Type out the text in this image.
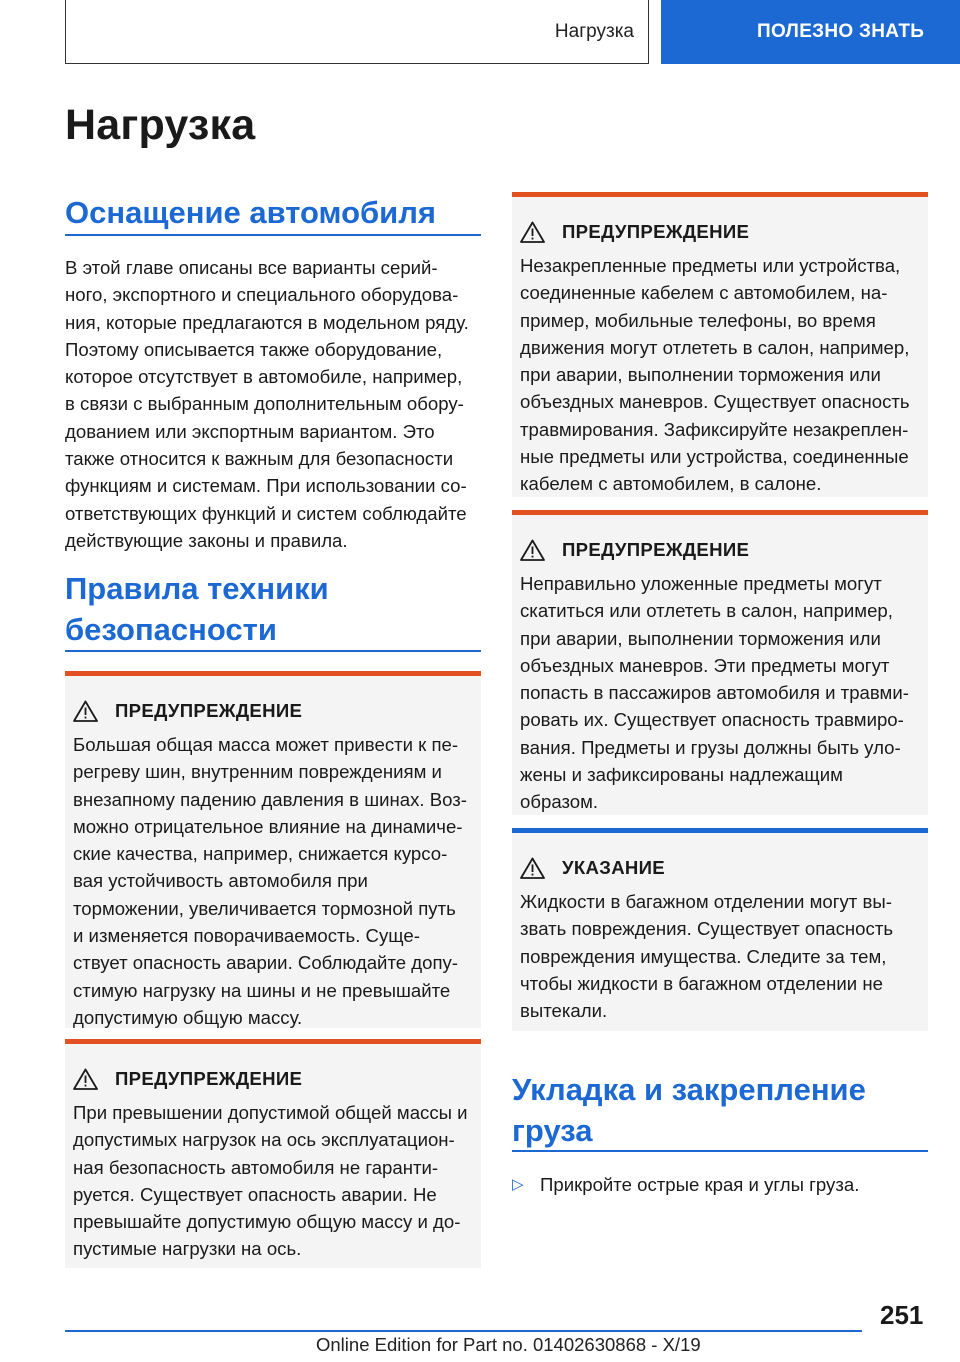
Нагрузка	ПОЛЕЗНО ЗНАТЬ
Нагрузка
Оснащение автомобиля
В этой главе описаны все варианты серий-
ного, экспортного и специального оборудова-
ния, которые предлагаются в модельном ряду.
Поэтому описывается также оборудование,
которое отсутствует в автомобиле, например,
в связи с выбранным дополнительным обору-
дованием или экспортным вариантом. Это
также относится к важным для безопасности
функциям и системам. При использовании со-
ответствующих функций и систем соблюдайте
действующие законы и правила.
Правила техники
безопасности
ПРЕДУПРЕЖДЕНИЕ
Большая общая масса может привести к пе-
регреву шин, внутренним повреждениям и
внезапному падению давления в шинах. Воз-
можно отрицательное влияние на динамиче-
ские качества, например, снижается курсо-
вая устойчивость автомобиля при
торможении, увеличивается тормозной путь
и изменяется поворачиваемость. Суще-
ствует опасность аварии. Соблюдайте допу-
стимую нагрузку на шины и не превышайте
допустимую общую массу.
ПРЕДУПРЕЖДЕНИЕ
При превышении допустимой общей массы и
допустимых нагрузок на ось эксплуатацион-
ная безопасность автомобиля не гаранти-
руется. Существует опасность аварии. Не
превышайте допустимую общую массу и до-
пустимые нагрузки на ось.
ПРЕДУПРЕЖДЕНИЕ
Незакрепленные предметы или устройства,
соединенные кабелем с автомобилем, на-
пример, мобильные телефоны, во время
движения могут отлететь в салон, например,
при аварии, выполнении торможения или
объездных маневров. Существует опасность
травмирования. Зафиксируйте незакреплен-
ные предметы или устройства, соединенные
кабелем с автомобилем, в салоне.
ПРЕДУПРЕЖДЕНИЕ
Неправильно уложенные предметы могут
скатиться или отлететь в салон, например,
при аварии, выполнении торможения или
объездных маневров. Эти предметы могут
попасть в пассажиров автомобиля и травми-
ровать их. Существует опасность травмиро-
вания. Предметы и грузы должны быть уло-
жены и зафиксированы надлежащим
образом.
УКАЗАНИЕ
Жидкости в багажном отделении могут вы-
звать повреждения. Существует опасность
повреждения имущества. Следите за тем,
чтобы жидкости в багажном отделении не
вытекали.
Укладка и закрепление
груза
▷ Прикройте острые края и углы груза.
251
Online Edition for Part no. 01402630868 - X/19
